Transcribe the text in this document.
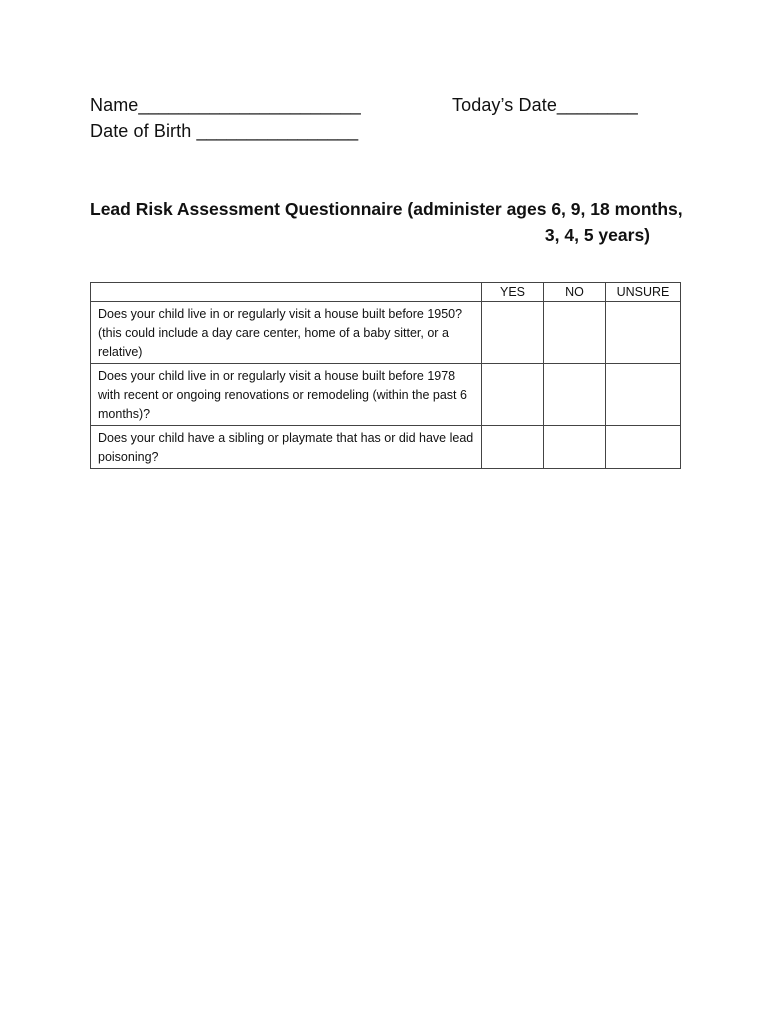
Name______________________
Date of Birth ________________
Today’s Date________
Lead Risk Assessment Questionnaire (administer ages 6, 9, 18 months,
3, 4, 5 years)
	YES	NO	UNSURE
Does your child live in or regularly visit a house built before 1950? (this could include a day care center, home of a baby sitter, or a relative)			
Does your child live in or regularly visit a house built before 1978 with recent or ongoing renovations or remodeling (within the past 6 months)?			
Does your child have a sibling or playmate that has or did have lead poisoning?			
